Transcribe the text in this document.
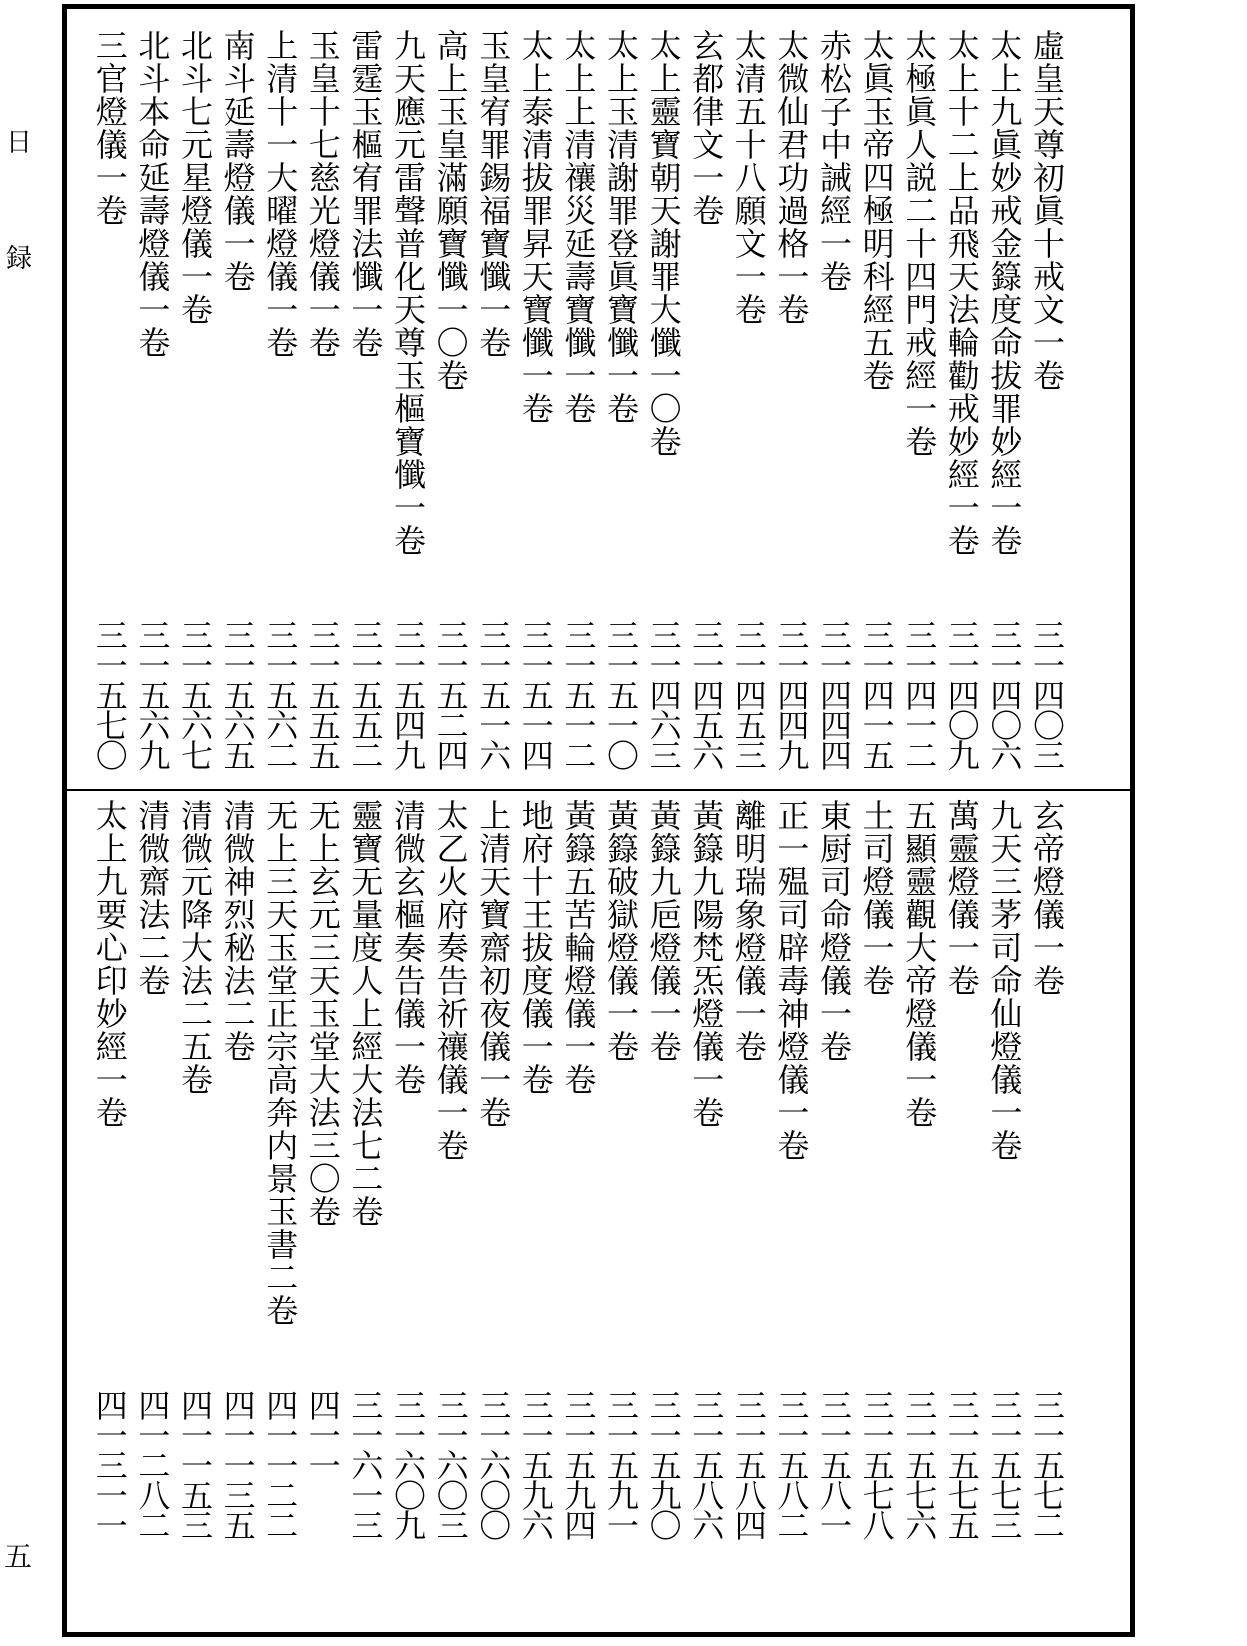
日
録
五
虛皇天尊初眞十戒文一卷
三一四〇三
太上九眞妙戒金籙度命拔罪妙經一卷
三一四〇六
太上十二上品飛天法輪勸戒妙經一卷
三一四〇九
太極眞人説二十四門戒經一卷
三一四一二
太眞玉帝四極明科經五卷
三一四一五
赤松子中誡經一卷
三一四四四
太微仙君功過格一卷
三一四四九
太清五十八願文一卷
三一四五三
玄都律文一卷
三一四五六
太上靈寶朝天謝罪大懺一〇卷
三一四六三
太上玉清謝罪登眞寶懺一卷
三一五一〇
太上上清禳災延壽寶懺一卷
三一五一二
太上泰清拔罪昇天寶懺一卷
三一五一四
玉皇宥罪錫福寶懺一卷
三一五一六
高上玉皇滿願寶懺一〇卷
三一五二四
九天應元雷聲普化天尊玉樞寶懺一卷
三一五四九
雷霆玉樞宥罪法懺一卷
三一五五二
玉皇十七慈光燈儀一卷
三一五五五
上清十一大曜燈儀一卷
三一五六二
南斗延壽燈儀一卷
三一五六五
北斗七元星燈儀一卷
三一五六七
北斗本命延壽燈儀一卷
三一五六九
三官燈儀一卷
三一五七〇
玄帝燈儀一卷
三一五七二
九天三茅司命仙燈儀一卷
三一五七三
萬靈燈儀一卷
三一五七五
五顯靈觀大帝燈儀一卷
三一五七六
土司燈儀一卷
三一五七八
東厨司命燈儀一卷
三一五八一
正一殟司辟毒神燈儀一卷
三一五八二
離明瑞象燈儀一卷
三一五八四
黃籙九陽梵炁燈儀一卷
三一五八六
黃籙九巵燈儀一卷
三一五九〇
黃籙破獄燈儀一卷
三一五九一
黃籙五苦輪燈儀一卷
三一五九四
地府十王拔度儀一卷
三一五九六
上清天寶齋初夜儀一卷
三一六〇〇
太乙火府奏告祈禳儀一卷
三一六〇三
清微玄樞奏告儀一卷
三一六〇九
靈寶无量度人上經大法七二卷
三一六一三
无上玄元三天玉堂大法三〇卷
四一一
无上三天玉堂正宗高奔内景玉書二卷
四一一二二
清微神烈秘法二卷
四一一三五
清微元降大法二五卷
四一一五三
清微齋法二卷
四一二八二
太上九要心印妙經一卷
四一三一一
